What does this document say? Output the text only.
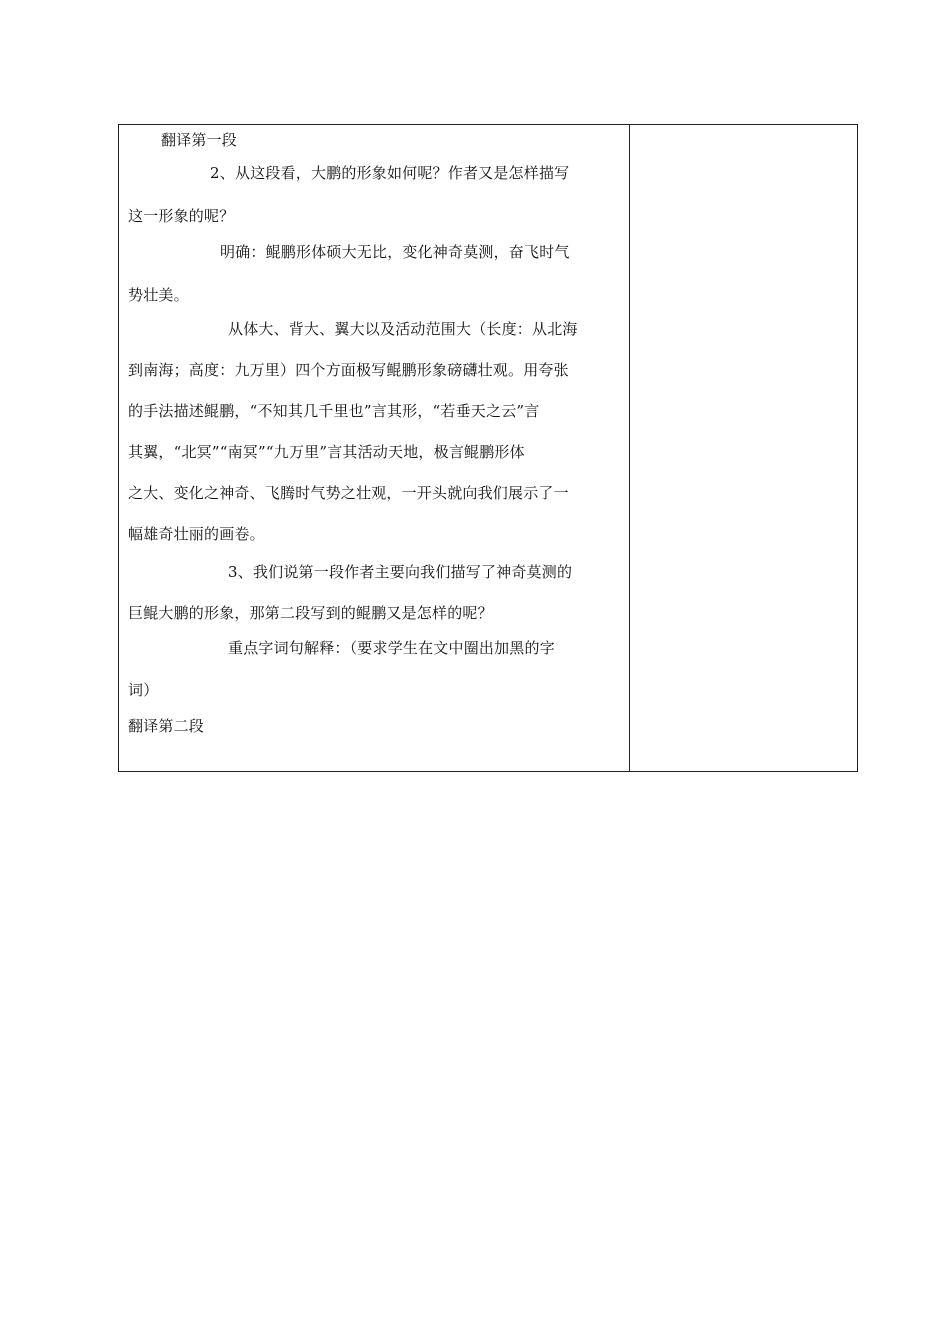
翻译第一段
2、从这段看，大鹏的形象如何呢？作者又是怎样描写
这一形象的呢？
明确：鲲鹏形体硕大无比，变化神奇莫测，奋飞时气
势壮美。
从体大、背大、翼大以及活动范围大（长度：从北海
到南海；高度：九万里）四个方面极写鲲鹏形象磅礴壮观。用夸张
的手法描述鲲鹏，“不知其几千里也”言其形，“若垂天之云”言
其翼，“北冥”“南冥”“九万里”言其活动天地，极言鲲鹏形体
之大、变化之神奇、飞腾时气势之壮观，一开头就向我们展示了一
幅雄奇壮丽的画卷。
3、我们说第一段作者主要向我们描写了神奇莫测的
巨鲲大鹏的形象，那第二段写到的鲲鹏又是怎样的呢？
重点字词句解释：（要求学生在文中圈出加黑的字
词）
翻译第二段
